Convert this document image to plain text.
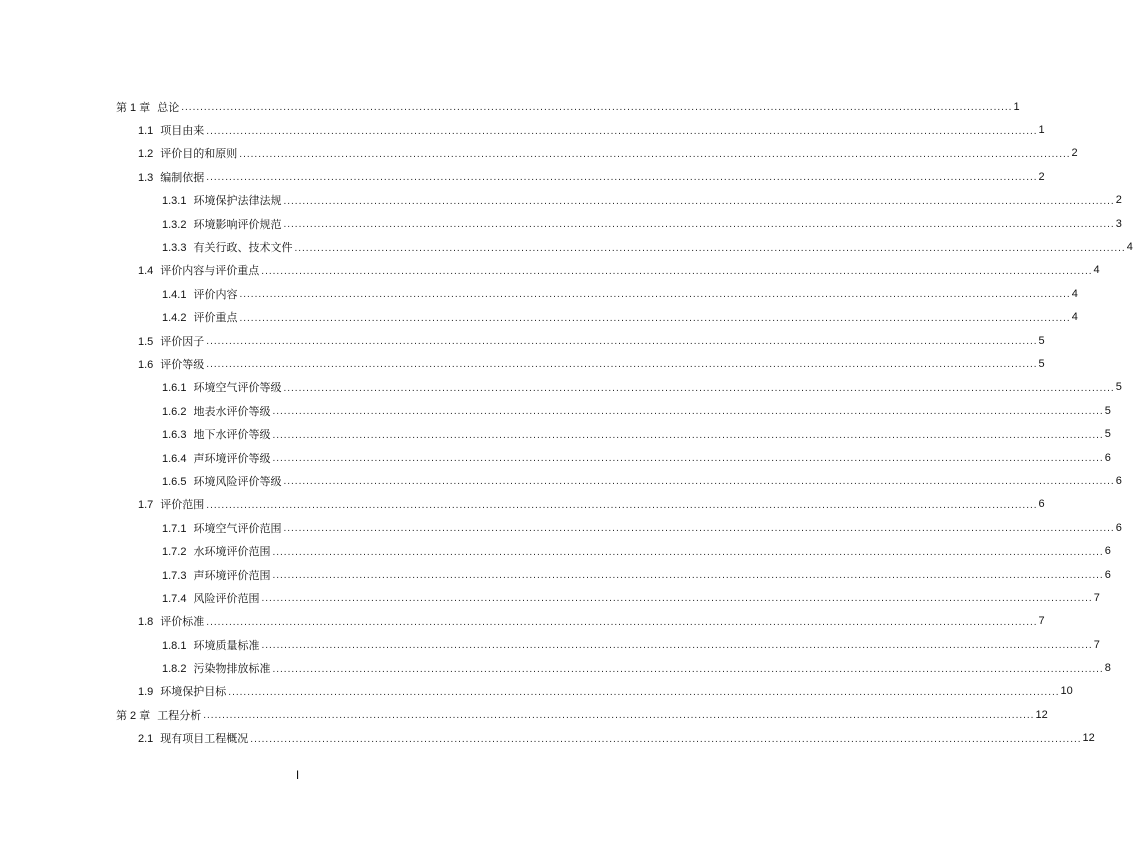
第 1 章 总论 ............................................................................................................................................................................................................................ 1
1.1 项目由来 ............................................................................................................................................................................................................................ 1
1.2 评价目的和原则 ............................................................................................................................................................................................................................ 2
1.3 编制依据 ............................................................................................................................................................................................................................ 2
1.3.1 环境保护法律法规 ............................................................................................................................................................................................................................ 2
1.3.2 环境影响评价规范 ............................................................................................................................................................................................................................ 3
1.3.3 有关行政、技术文件 ............................................................................................................................................................................................................................ 4
1.4 评价内容与评价重点 ............................................................................................................................................................................................................................ 4
1.4.1 评价内容 ............................................................................................................................................................................................................................ 4
1.4.2 评价重点 ............................................................................................................................................................................................................................ 4
1.5 评价因子 ............................................................................................................................................................................................................................ 5
1.6 评价等级 ............................................................................................................................................................................................................................ 5
1.6.1 环境空气评价等级 ............................................................................................................................................................................................................................ 5
1.6.2 地表水评价等级 ............................................................................................................................................................................................................................ 5
1.6.3 地下水评价等级 ............................................................................................................................................................................................................................ 5
1.6.4 声环境评价等级 ............................................................................................................................................................................................................................ 6
1.6.5 环境风险评价等级 ............................................................................................................................................................................................................................ 6
1.7 评价范围 ............................................................................................................................................................................................................................ 6
1.7.1 环境空气评价范围 ............................................................................................................................................................................................................................ 6
1.7.2 水环境评价范围 ............................................................................................................................................................................................................................ 6
1.7.3 声环境评价范围 ............................................................................................................................................................................................................................ 6
1.7.4 风险评价范围 ............................................................................................................................................................................................................................ 7
1.8 评价标准 ............................................................................................................................................................................................................................ 7
1.8.1 环境质量标准 ............................................................................................................................................................................................................................ 7
1.8.2 污染物排放标准 ............................................................................................................................................................................................................................ 8
1.9 环境保护目标 ............................................................................................................................................................................................................................ 10
第 2 章 工程分析 ............................................................................................................................................................................................................................ 12
2.1 现有项目工程概况 ............................................................................................................................................................................................................................ 12
I
